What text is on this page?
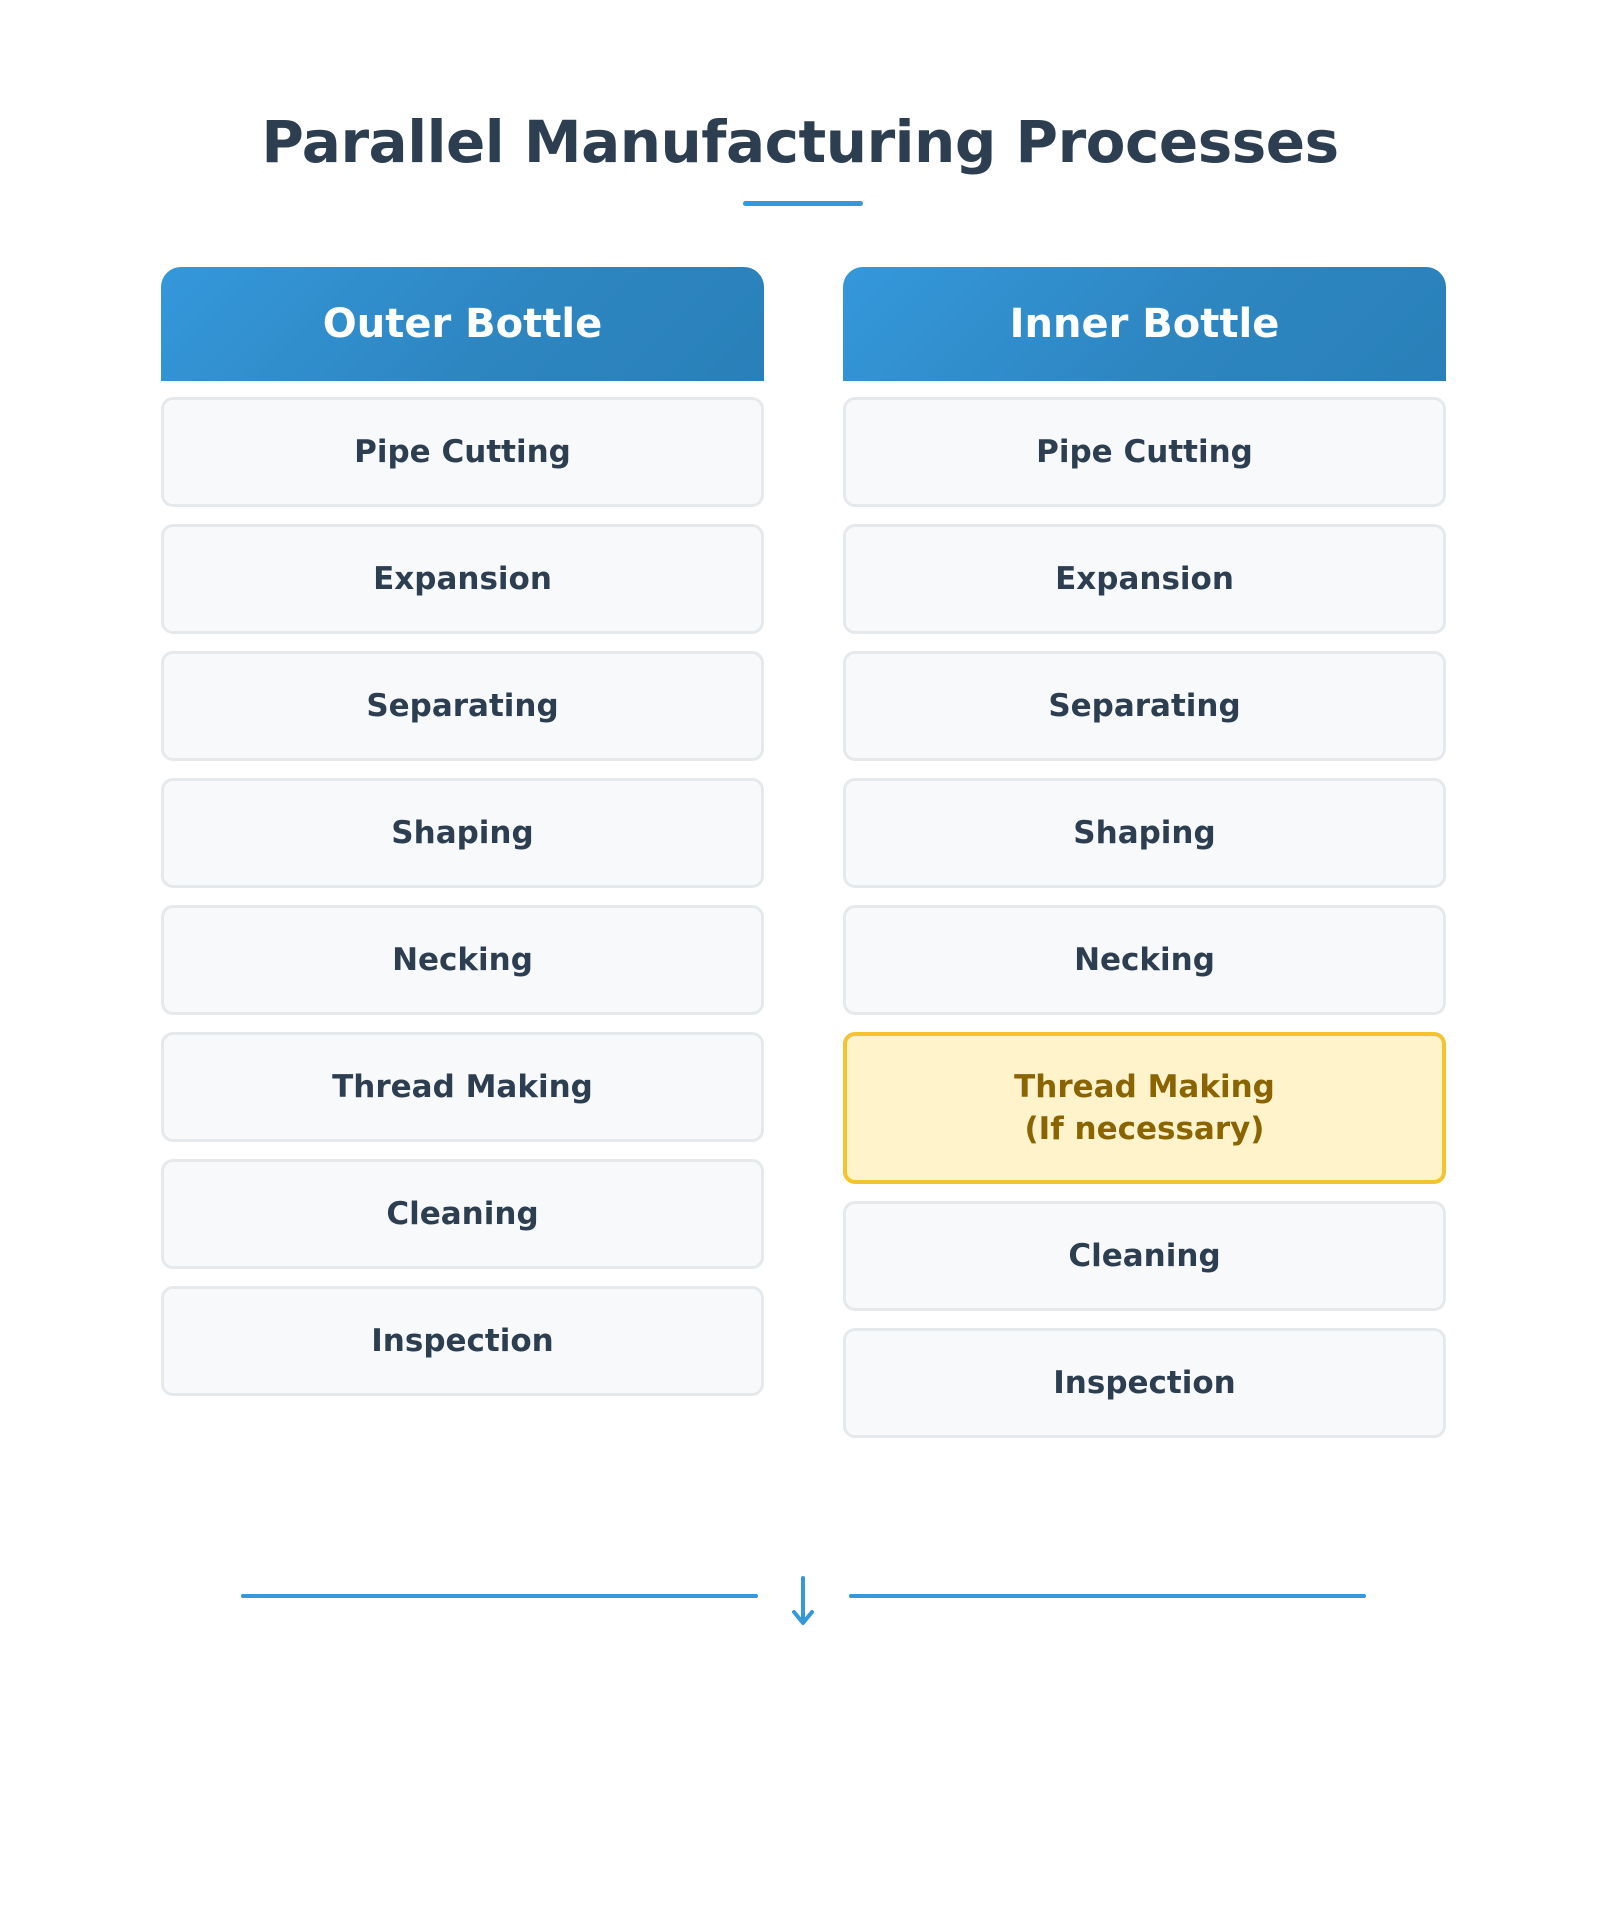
Parallel Manufacturing Processes
Outer Bottle
Pipe Cutting
Expansion
Separating
Shaping
Necking
Thread Making
Cleaning
Inspection
Inner Bottle
Pipe Cutting
Expansion
Separating
Shaping
Necking
Thread Making
(If necessary)
Cleaning
Inspection
